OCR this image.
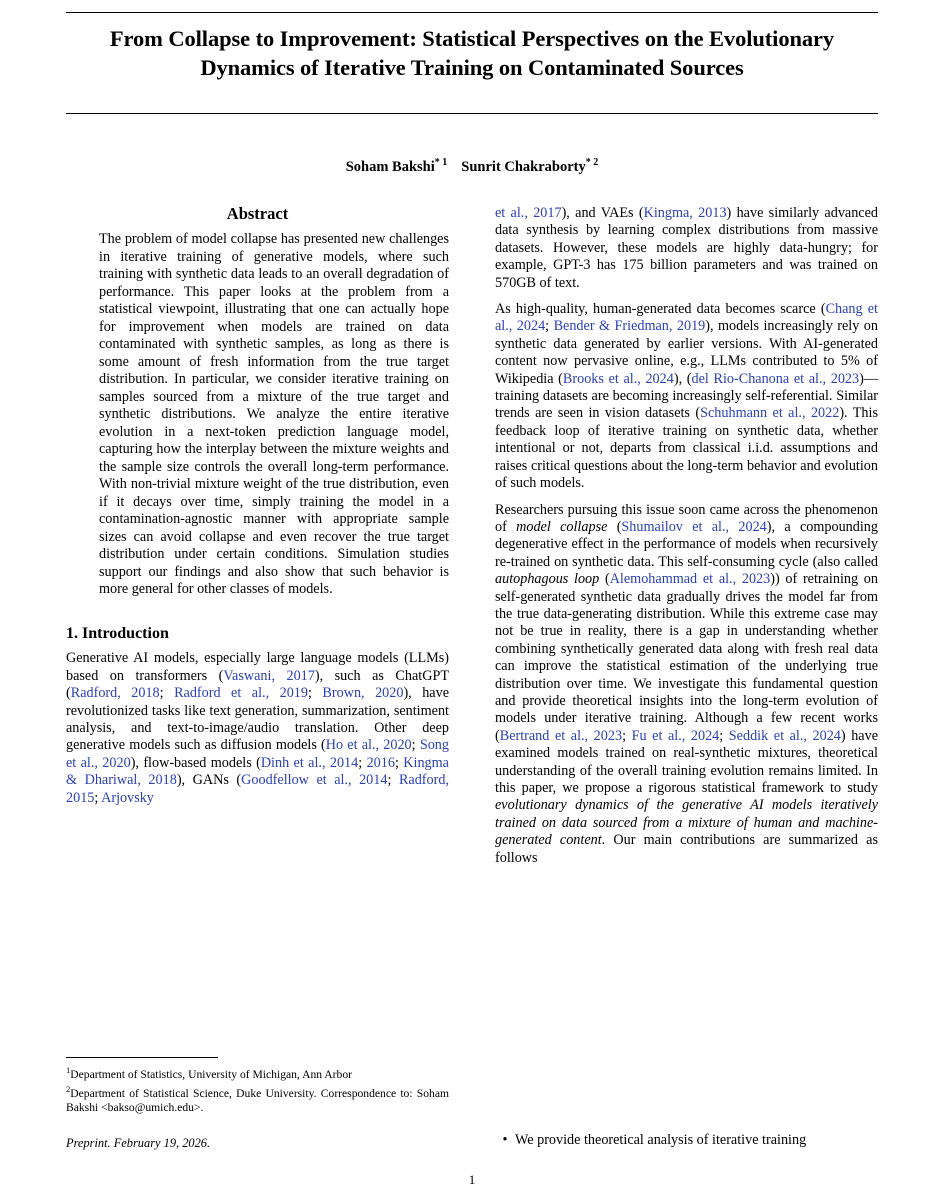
From Collapse to Improvement: Statistical Perspectives on the Evolutionary Dynamics of Iterative Training on Contaminated Sources
Soham Bakshi$^{* 1}$ Sunrit Chakraborty$^{* 2}$
Abstract
The problem of model collapse has presented new challenges in iterative training of generative models, where such training with synthetic data leads to an overall degradation of performance. This paper looks at the problem from a statistical viewpoint, illustrating that one can actually hope for improvement when models are trained on data contaminated with synthetic samples, as long as there is some amount of fresh information from the true target distribution. In particular, we consider iterative training on samples sourced from a mixture of the true target and synthetic distributions. We analyze the entire iterative evolution in a next-token prediction language model, capturing how the interplay between the mixture weights and the sample size controls the overall long-term performance. With non-trivial mixture weight of the true distribution, even if it decays over time, simply training the model in a contamination-agnostic manner with appropriate sample sizes can avoid collapse and even recover the true target distribution under certain conditions. Simulation studies support our findings and also show that such behavior is more general for other classes of models.
1. Introduction

Generative AI models, especially large language models (LLMs) based on transformers (Vaswani, 2017), such as ChatGPT (Radford, 2018; Radford et al., 2019; Brown, 2020), have revolutionized tasks like text generation, summarization, sentiment analysis, and text-to-image/audio translation. Other deep generative models such as diffusion models (Ho et al., 2020; Song et al., 2020), flow-based models (Dinh et al., 2014; 2016; Kingma & Dhariwal, 2018), GANs (Goodfellow et al., 2014; Radford, 2015; Arjovsky

$^1$Department of Statistics, University of Michigan, Ann Arbor
$^2$Department of Statistical Science, Duke University. Correspondence to: Soham Bakshi <bakso@umich.edu>.
Preprint. February 19, 2026.

et al., 2017), and VAEs (Kingma, 2013) have similarly advanced data synthesis by learning complex distributions from massive datasets. However, these models are highly data-hungry; for example, GPT-3 has 175 billion parameters and was trained on 570GB of text.

As high-quality, human-generated data becomes scarce (Chang et al., 2024; Bender & Friedman, 2019), models increasingly rely on synthetic data generated by earlier versions. With AI-generated content now pervasive online, e.g., LLMs contributed to 5% of Wikipedia (Brooks et al., 2024), (del Rio-Chanona et al., 2023)—training datasets are becoming increasingly self-referential. Similar trends are seen in vision datasets (Schuhmann et al., 2022). This feedback loop of iterative training on synthetic data, whether intentional or not, departs from classical i.i.d. assumptions and raises critical questions about the long-term behavior and evolution of such models.

Researchers pursuing this issue soon came across the phenomenon of model collapse (Shumailov et al., 2024), a compounding degenerative effect in the performance of models when recursively re-trained on synthetic data. This self-consuming cycle (also called autophagous loop (Alemohammad et al., 2023)) of retraining on self-generated synthetic data gradually drives the model far from the true data-generating distribution. While this extreme case may not be true in reality, there is a gap in understanding whether combining synthetically generated data along with fresh real data can improve the statistical estimation of the underlying true distribution over time. We investigate this fundamental question and provide theoretical insights into the long-term evolution of models under iterative training. Although a few recent works (Bertrand et al., 2023; Fu et al., 2024; Seddik et al., 2024) have examined models trained on real-synthetic mixtures, theoretical understanding of the overall training evolution remains limited. In this paper, we propose a rigorous statistical framework to study evolutionary dynamics of the generative AI models iteratively trained on data sourced from a mixture of human and machine-generated content. Our main contributions are summarized as follows

• We provide theoretical analysis of iterative training
1
